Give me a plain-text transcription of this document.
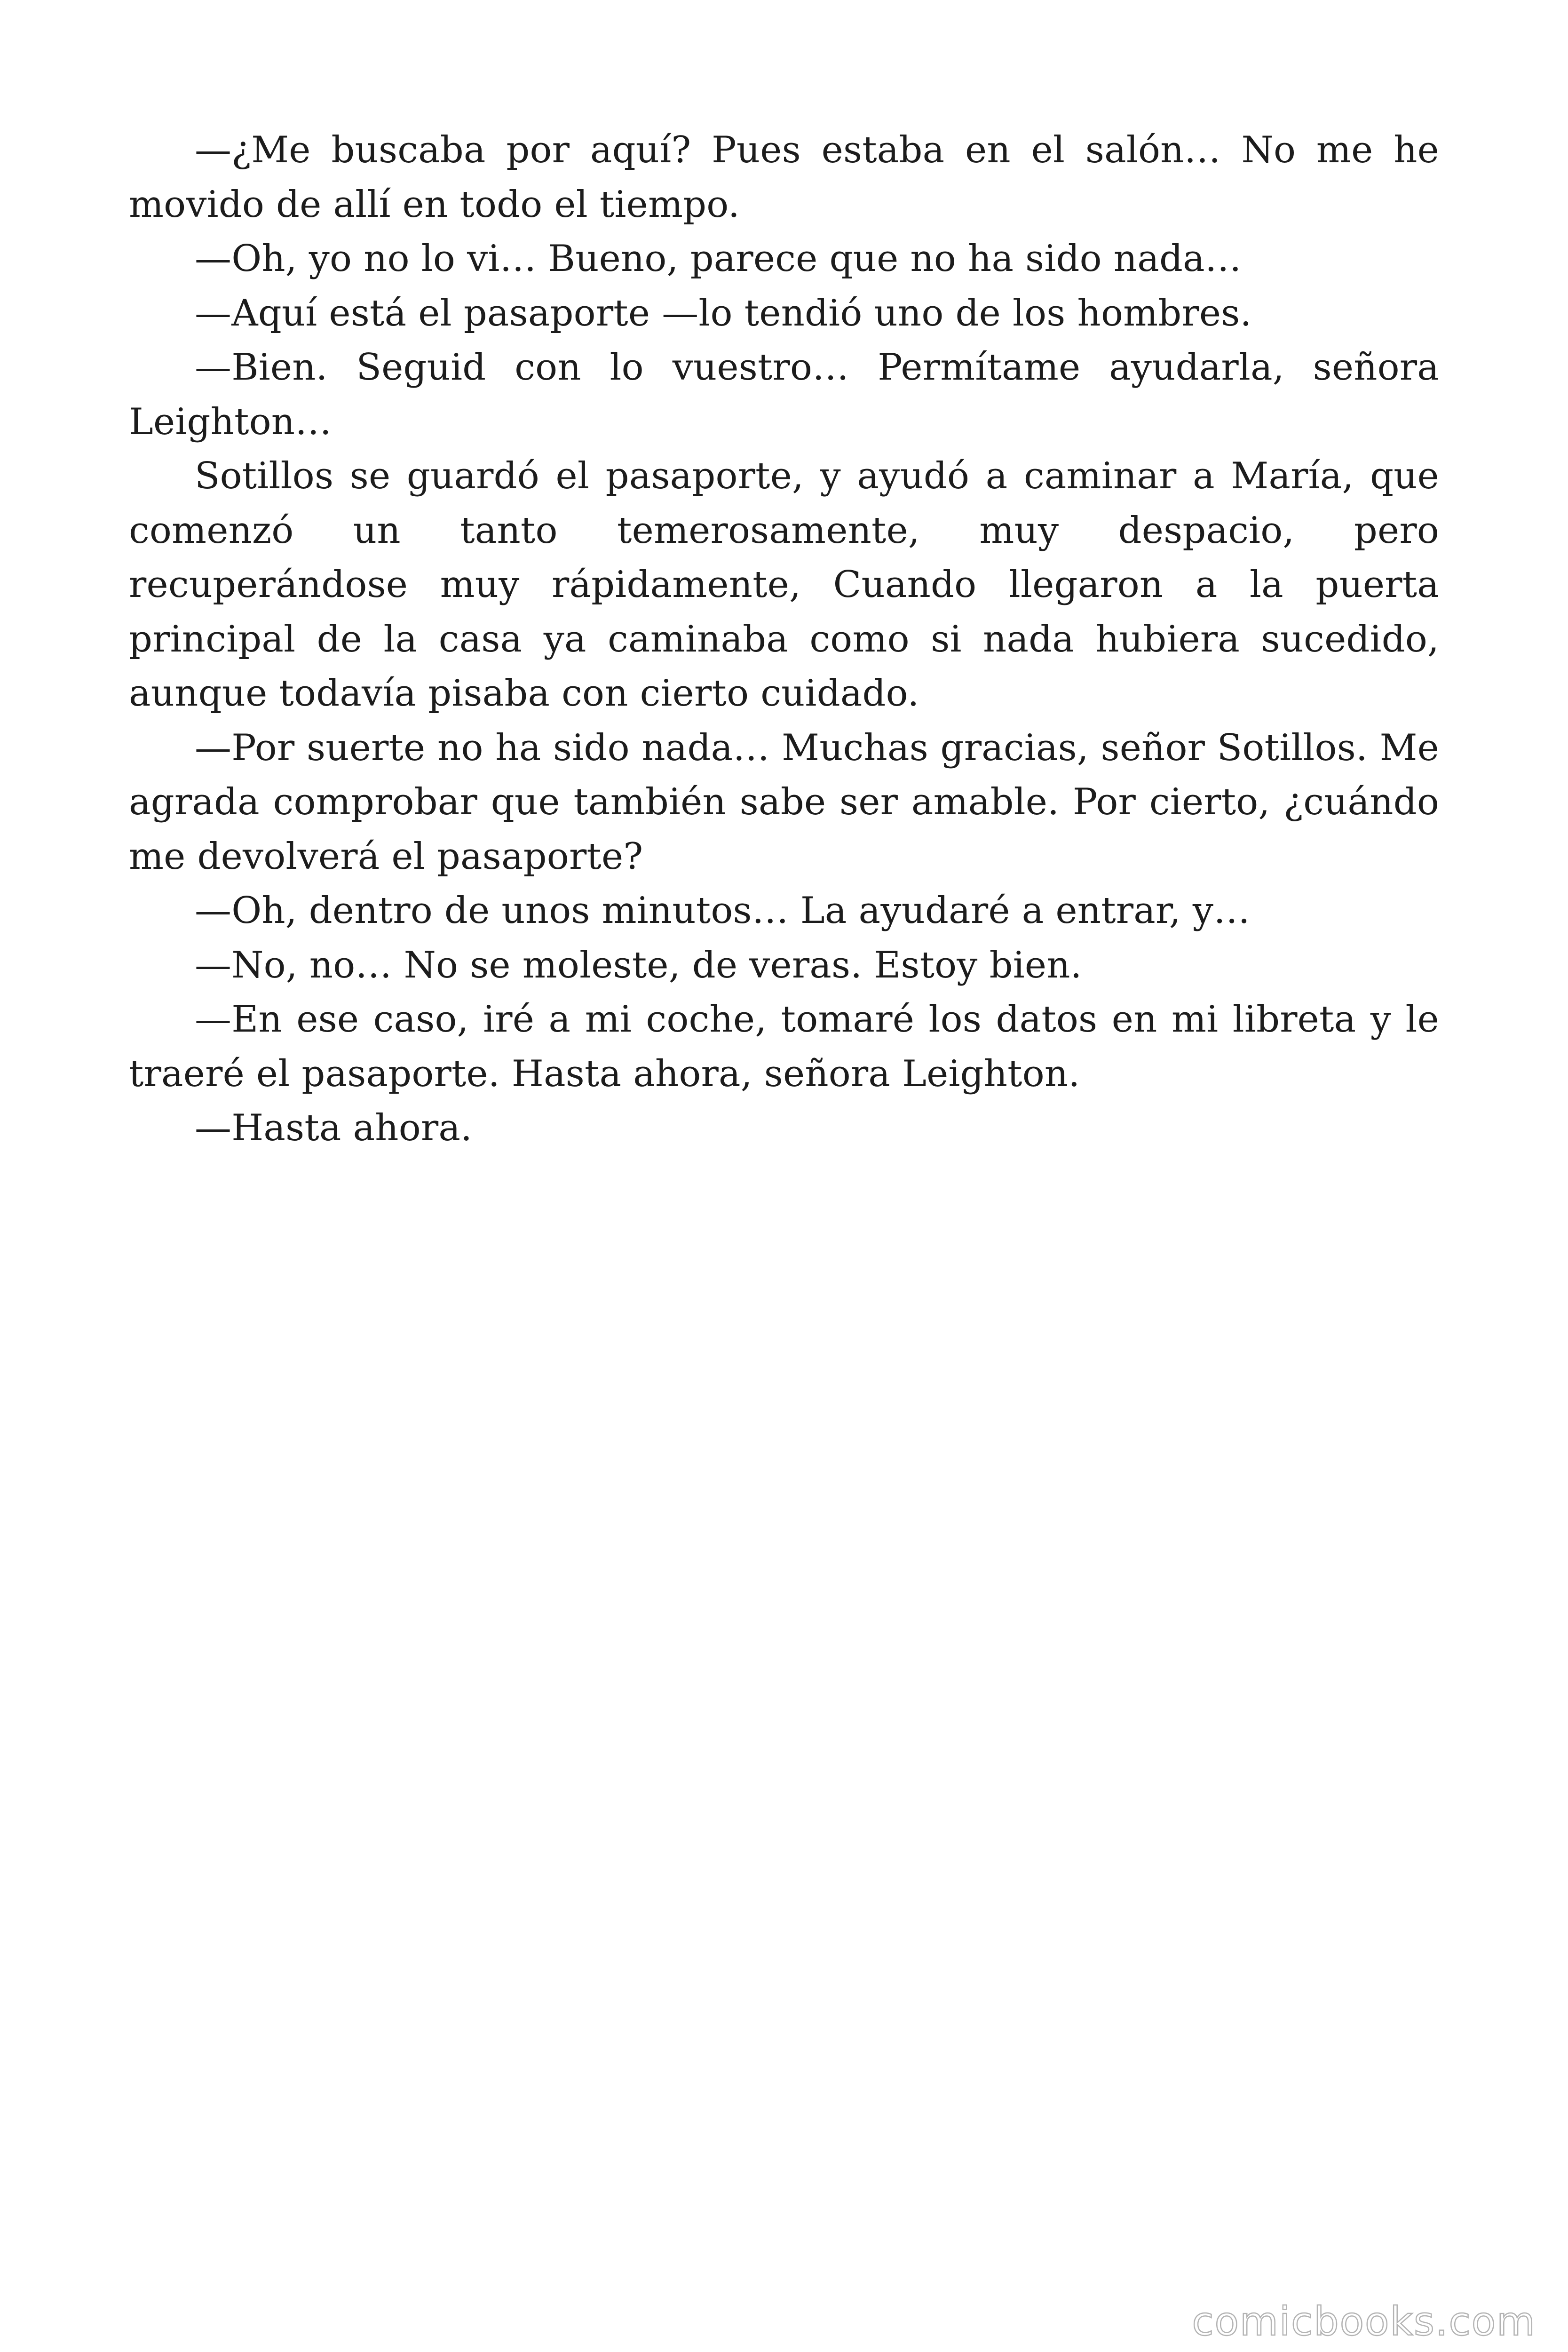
—¿Me buscaba por aquí? Pues estaba en el salón… No me he movido de allí en todo el tiempo.

—Oh, yo no lo vi… Bueno, parece que no ha sido nada…

—Aquí está el pasaporte —lo tendió uno de los hombres.

—Bien. Seguid con lo vuestro… Permítame ayudarla, señora Leighton…

Sotillos se guardó el pasaporte, y ayudó a caminar a María, que comenzó un tanto temerosamente, muy despacio, pero recuperándose muy rápidamente, Cuando llegaron a la puerta principal de la casa ya caminaba como si nada hubiera sucedido, aunque todavía pisaba con cierto cuidado.

—Por suerte no ha sido nada… Muchas gracias, señor Sotillos. Me agrada comprobar que también sabe ser amable. Por cierto, ¿cuándo me devolverá el pasaporte?

—Oh, dentro de unos minutos… La ayudaré a entrar, y…

—No, no… No se moleste, de veras. Estoy bien.

—En ese caso, iré a mi coche, tomaré los datos en mi libreta y le traeré el pasaporte. Hasta ahora, señora Leighton.

—Hasta ahora.

comicbooks.com
